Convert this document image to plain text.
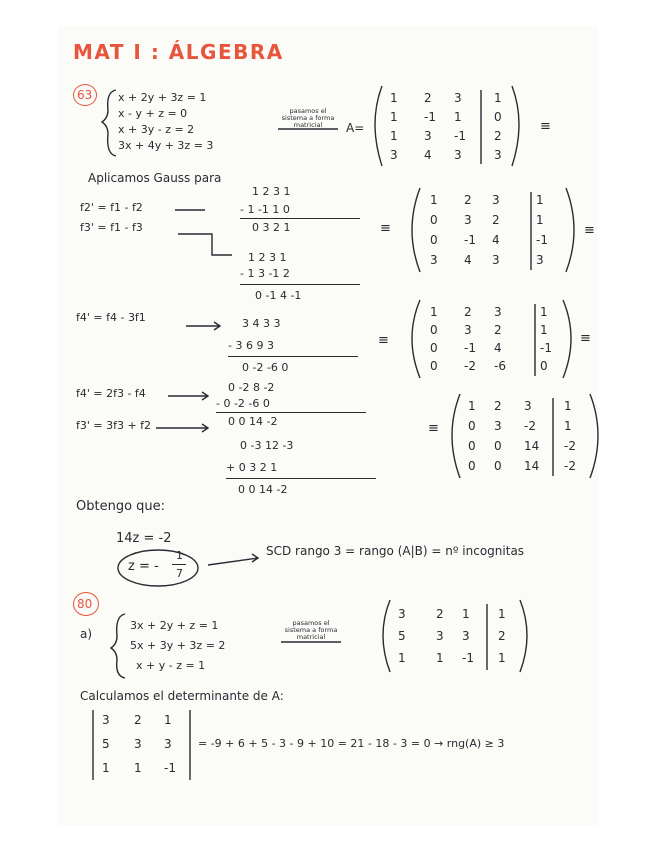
MAT I : ÁLGEBRA
63 x + 2y + 3z = 1
x - y + z = 0
x + 3y - z = 2
3x + 4y + 3z = 3
pasamos el sistema a forma matricial	A=
1 2 3	1
1 -1 1	0
1 3 -1 2
3 4 3	3
≡
Aplicamos Gauss para
f2' = f1 - f2
f3' = f1 - f3
1 2 3 1
- 1 -1 1 0
0 3 2 1
1 2 3 1
- 1 3 -1 2
0 -1 4 -1
≡
1 2 3	1
0 3 2	1
0 -1 4	-1
3 4 3	3
≡
f4' = f4 - 3f1	3 4 3 3
- 3 6 9 3
0 -2 -6 0
≡
1 2 3	1
0 3 2	1
0 -1 4	-1
0 -2 -6	0
≡
f4' = 2f3 - f4
f3' = 3f3 + f2
0 -2 8 -2
- 0 -2 -6 0
0 0 14 -2
0 -3 12 -3
+ 0 3 2 1
0 0 14 -2
≡
1 2 3	1
0 3 -2 1
0 0 14 -2
0 0 14 -2
Obtengo que:
14z = -2
z = -
1
7
SCD rango 3 = rango (A|B) = nº incognitas
80
a)
3x + 2y + z = 1
5x + 3y + 3z = 2
x + y - z = 1
pasamos el sistema a forma matricial
3	2 1 1
5	3 3 2
1	1 -1 1
Calculamos el determinante de A:
3 2 1
5 3 3
1 1 -1
= -9 + 6 + 5 - 3 - 9 + 10 = 21 - 18 - 3 = 0 → rng(A) ≥ 3
